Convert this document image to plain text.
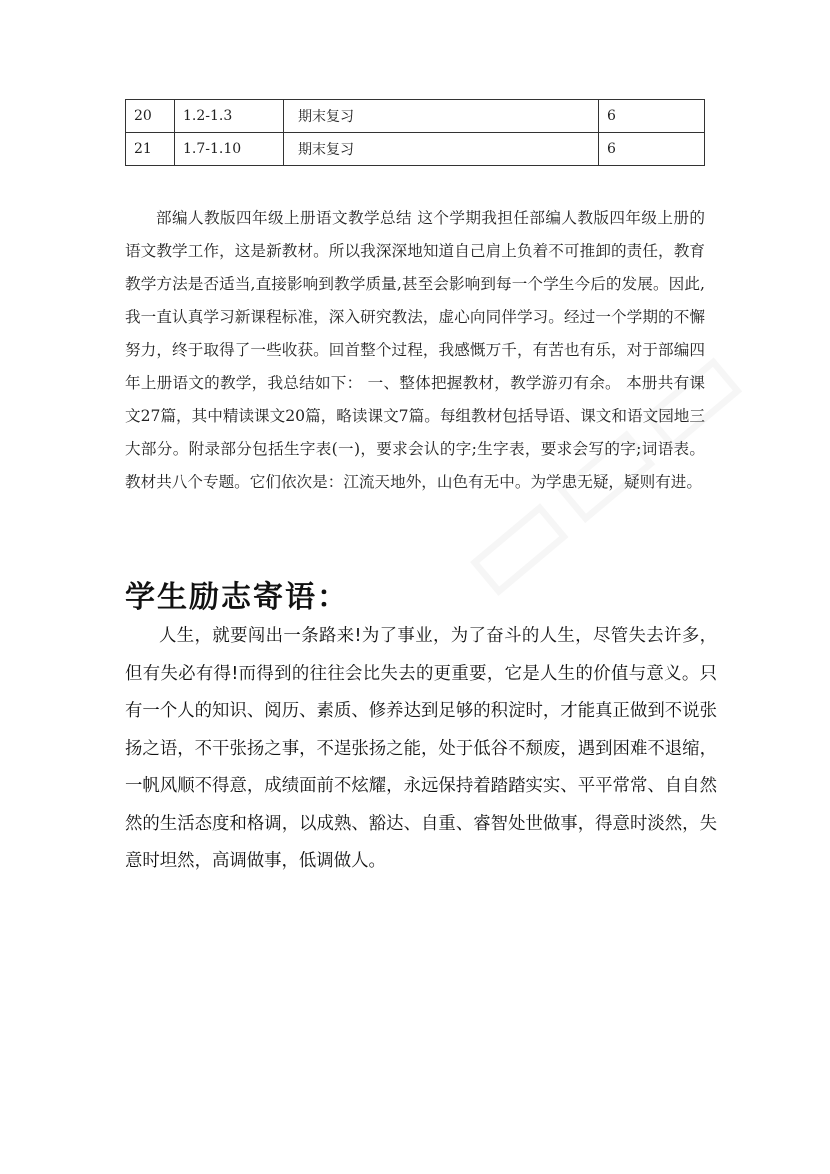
20	1.2-1.3	期末复习	6
21	1.7-1.10	期末复习	6

部编人教版四年级上册语文教学总结 这个学期我担任部编人教版四年级上册的语文教学工作，这是新教材。所以我深深地知道自己肩上负着不可推卸的责任，教育教学方法是否适当,直接影响到教学质量,甚至会影响到每一个学生今后的发展。因此,我一直认真学习新课程标准，深入研究教法，虚心向同伴学习。经过一个学期的不懈努力，终于取得了一些收获。回首整个过程，我感慨万千，有苦也有乐，对于部编四年上册语文的教学，我总结如下： 一、整体把握教材，教学游刃有余。 本册共有课文27篇，其中精读课文20篇，略读课文7篇。每组教材包括导语、课文和语文园地三大部分。附录部分包括生字表(一)，要求会认的字;生字表，要求会写的字;词语表。教材共八个专题。它们依次是：江流天地外，山色有无中。为学患无疑，疑则有进。

学生励志寄语：

人生，就要闯出一条路来!为了事业，为了奋斗的人生，尽管失去许多，但有失必有得!而得到的往往会比失去的更重要，它是人生的价值与意义。只有一个人的知识、阅历、素质、修养达到足够的积淀时，才能真正做到不说张扬之语，不干张扬之事，不逞张扬之能，处于低谷不颓废，遇到困难不退缩，一帆风顺不得意，成绩面前不炫耀，永远保持着踏踏实实、平平常常、自自然然的生活态度和格调，以成熟、豁达、自重、睿智处世做事，得意时淡然，失意时坦然，高调做事，低调做人。
